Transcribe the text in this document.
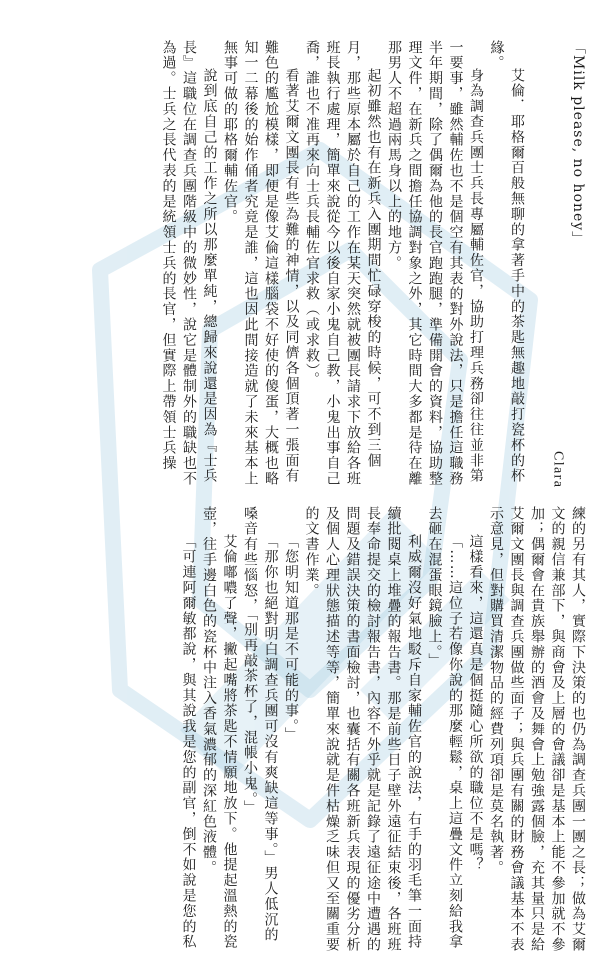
「Milk please, no honey」

Clara

艾倫．耶格爾百般無聊的拿著手中的茶匙無趣地敲打瓷杯的杯緣。

身為調查兵團士兵長專屬輔佐官，協助打理兵務卻往往並非第一要事，雖然輔佐也不是個空有其表的對外說法，只是擔任這職務半年期間，除了偶爾為他的長官跑跑腿，準備開會的資料，協助整理文件，在新兵之間擔任協調對象之外，其它時間大多都是待在離那男人不超過兩馬身以上的地方。

起初雖然也有在新兵入團期間忙碌穿梭的時候，可不到三個月，那些原本屬於自己的工作在某天突然就被團長請求下放給各班班長執行處理，簡單來說從今以後自家小鬼自己教，小鬼出事自己喬，誰也不准再來向士兵長輔佐官求救（或求救）。

看著艾爾文團長有些為難的神情，以及同儕各個頂著一張面有難色的尷尬模樣，即便是像艾倫這樣腦袋不好使的傻蛋，大概也略知一二幕後的始作俑者究竟是誰，這也因此間接造就了未來基本上無事可做的耶格爾輔佐官。

說到底自己的工作之所以那麼單純，總歸來說還是因為『士兵長』這職位在調查兵團階級中的微妙性，說它是體制外的職缺也不為過。士兵之長代表的是統領士兵的長官，但實際上帶領士兵操

練的另有其人，實際下決策的也仍為調查兵團一團之長；做為艾爾文的親信兼部下，與商會及上層的會議卻是基本上能不參加就不參加；偶爾會在貴族舉辦的酒會及舞會上勉強露個臉，充其量只是給艾爾文團長與調查兵團做些面子；與兵團有關的財務會議基本不表示意見，但對購買清潔物品的經費列項卻是莫名執著。

這樣看來，這還真是個挺隨心所欲的職位不是嗎？

「……這位子若像你說的那麼輕鬆，桌上這疊文件立刻給我拿去砸在混蛋眼鏡臉上。」

利威爾沒好氣地駁斥自家輔佐官的說法，右手的羽毛筆一面持續批閱桌上堆疊的報告書。那是前些日子壁外遠征結束後，各班班長奉命提交的檢討報告書，內容不外乎就是記錄了遠征途中遭遇的問題及錯誤決策的書面檢討，也囊括有關各班新兵表現的優劣分析及個人心理狀態描述等等，簡單來說就是件枯燥乏味但又至關重要的文書作業。

「您明知道那是不可能的事。」

「那你也絕對明白調查兵團可沒有爽缺這等事。」男人低沉的嗓音有些惱怒，「別再敲茶杯了，混帳小鬼。」

艾倫嘟噥了聲，撇起嘴將茶匙不情願地放下。他提起溫熱的瓷壺，往手邊白色的瓷杯中注入香氣濃郁的深紅色液體。

「可連阿爾敏都說，與其說我是您的副官，倒不如說是您的私
